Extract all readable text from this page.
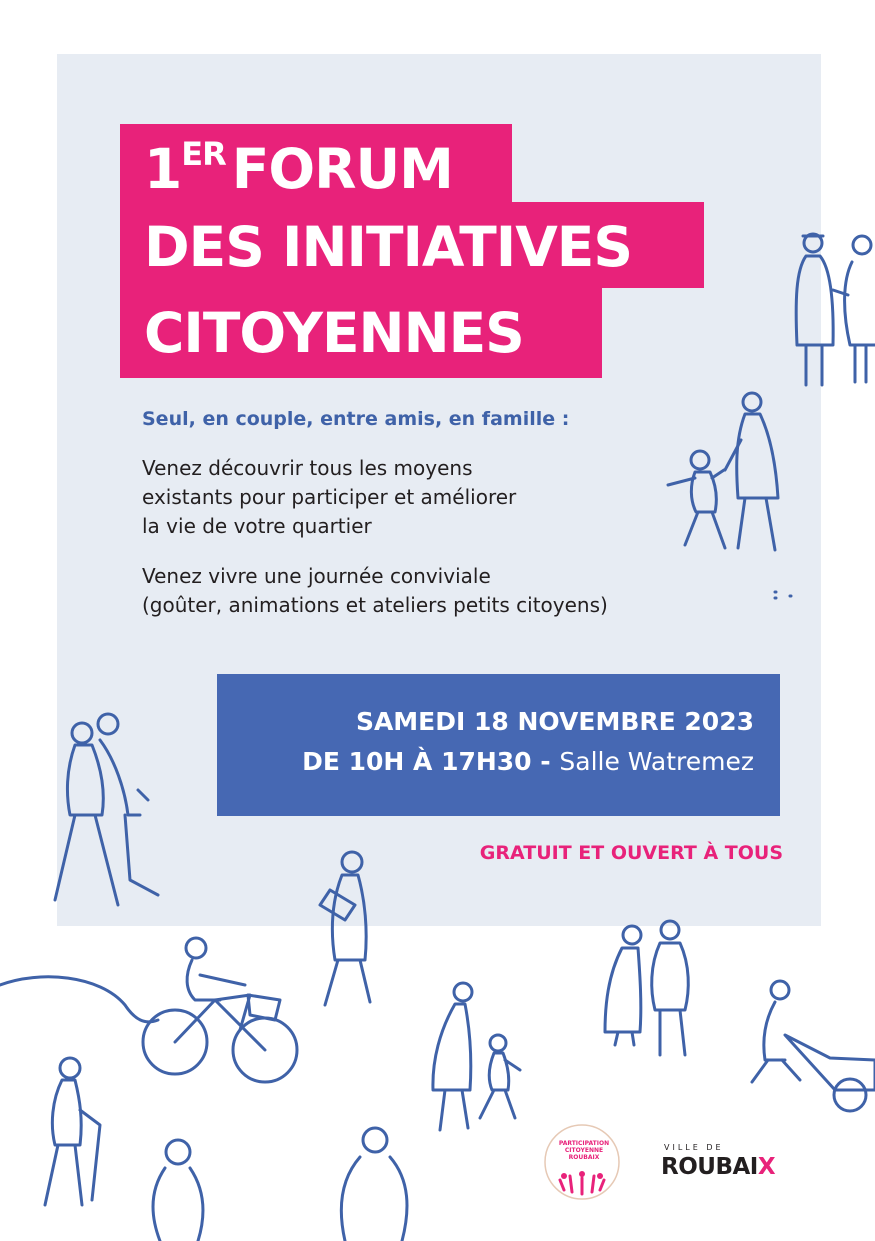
1ER FORUM
DES INITIATIVES
CITOYENNES
Seul, en couple, entre amis, en famille :
Venez découvrir tous les moyens
existants pour participer et améliorer
la vie de votre quartier
Venez vivre une journée conviviale
(goûter, animations et ateliers petits citoyens)
SAMEDI 18 NOVEMBRE 2023
DE 10H À 17H30 - Salle Watremez
GRATUIT ET OUVERT À TOUS
PARTICIPATION
CITOYENNE
ROUBAIX
VILLE DE
ROUBAIX
